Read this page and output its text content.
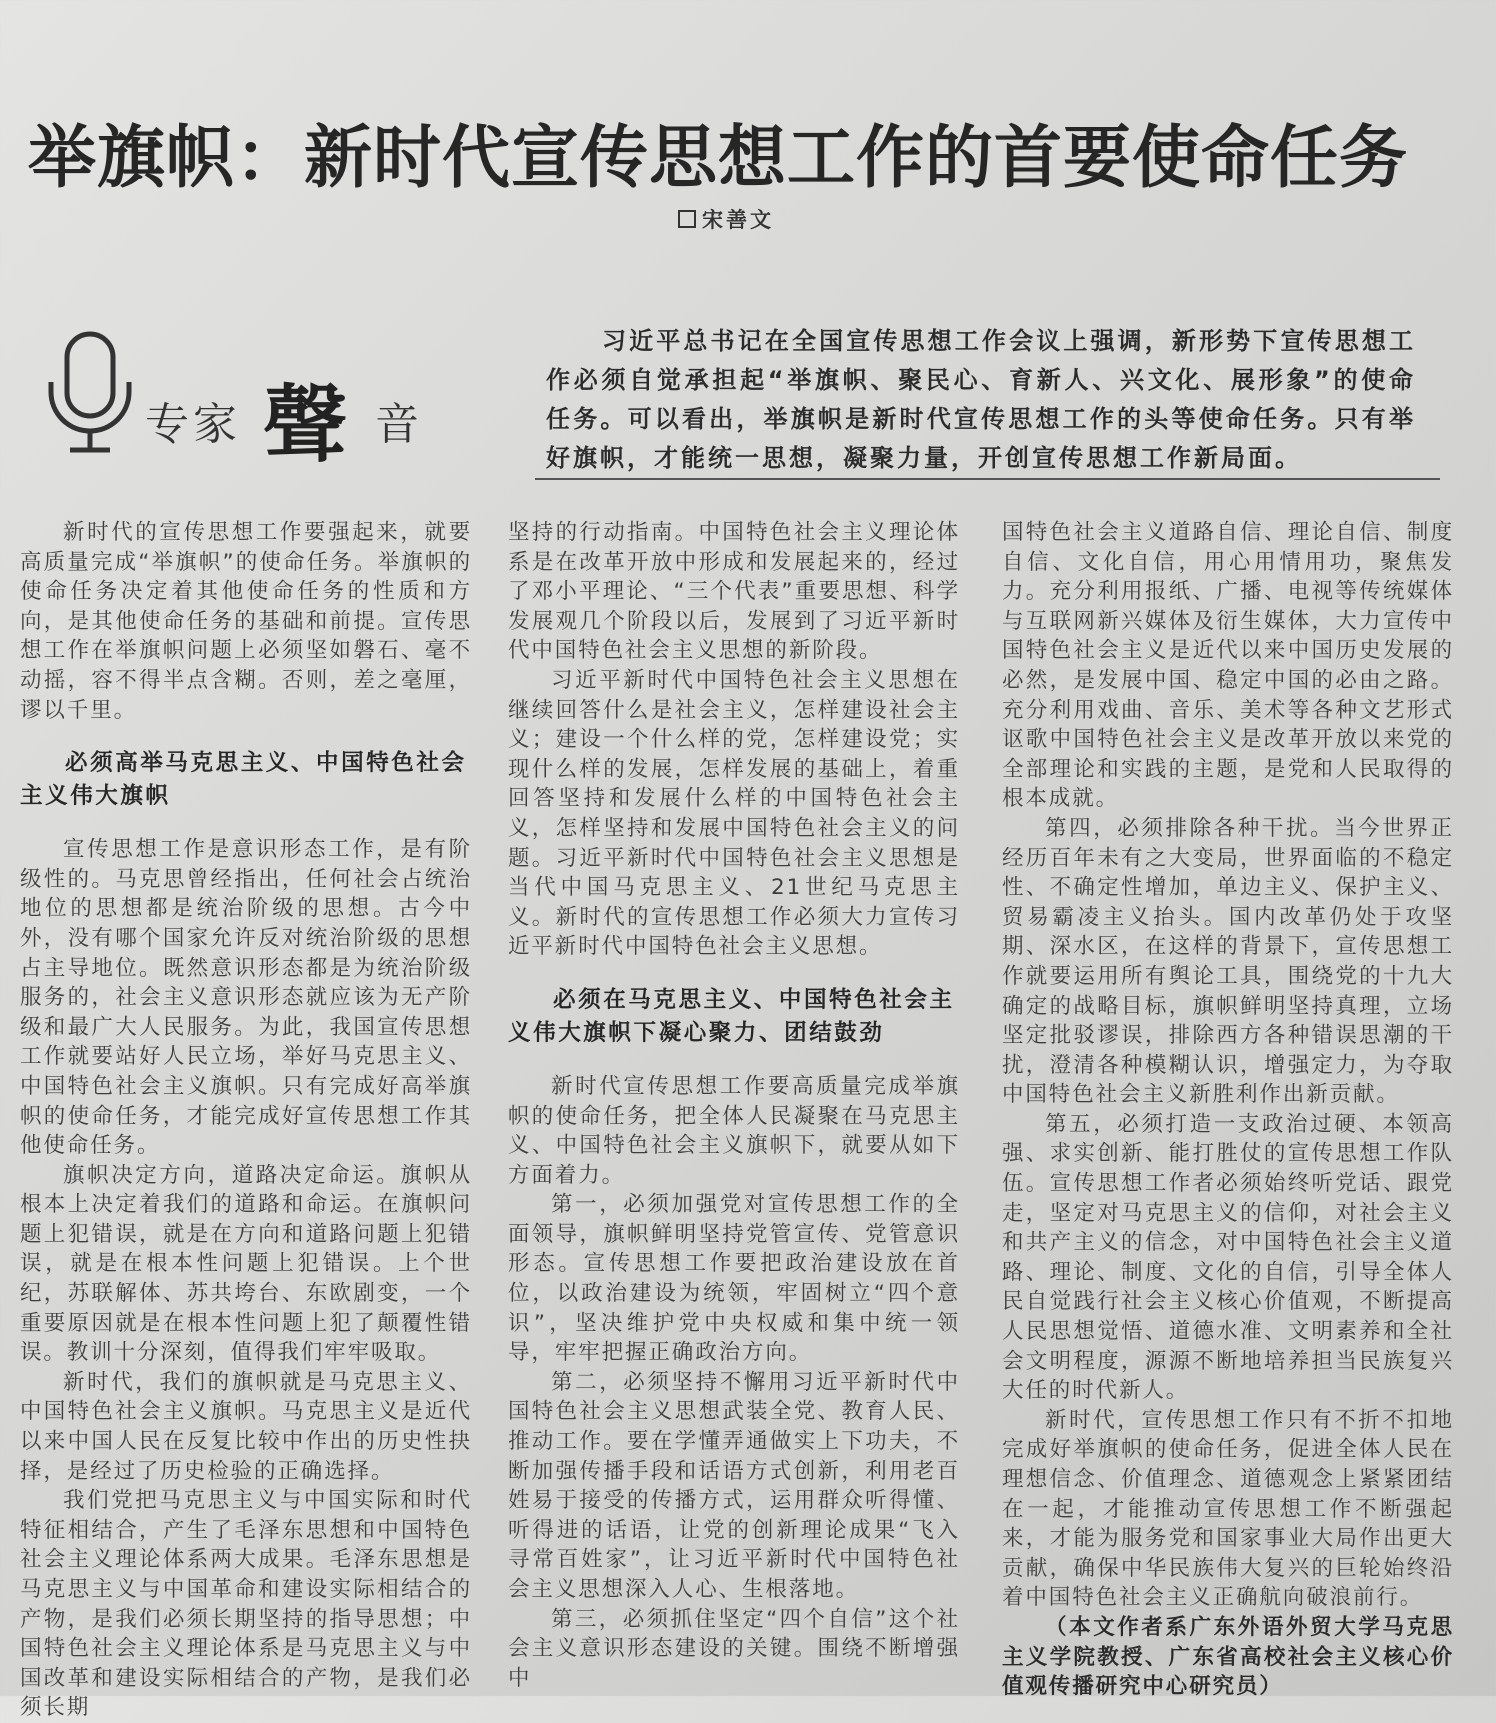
举旗帜：新时代宣传思想工作的首要使命任务
宋善文
专家 聲 音
习近平总书记在全国宣传思想工作会议上强调，新形势下宣传思想工作必须自觉承担起“举旗帜、聚民心、育新人、兴文化、展形象”的使命任务。可以看出，举旗帜是新时代宣传思想工作的头等使命任务。只有举好旗帜，才能统一思想，凝聚力量，开创宣传思想工作新局面。

新时代的宣传思想工作要强起来，就要高质量完成“举旗帜”的使命任务。举旗帜的使命任务决定着其他使命任务的性质和方向，是其他使命任务的基础和前提。宣传思想工作在举旗帜问题上必须坚如磐石、毫不动摇，容不得半点含糊。否则，差之毫厘，谬以千里。

必须高举马克思主义、中国特色社会主义伟大旗帜

宣传思想工作是意识形态工作，是有阶级性的。马克思曾经指出，任何社会占统治地位的思想都是统治阶级的思想。古今中外，没有哪个国家允许反对统治阶级的思想占主导地位。既然意识形态都是为统治阶级服务的，社会主义意识形态就应该为无产阶级和最广大人民服务。为此，我国宣传思想工作就要站好人民立场，举好马克思主义、中国特色社会主义旗帜。只有完成好高举旗帜的使命任务，才能完成好宣传思想工作其他使命任务。

旗帜决定方向，道路决定命运。旗帜从根本上决定着我们的道路和命运。在旗帜问题上犯错误，就是在方向和道路问题上犯错误，就是在根本性问题上犯错误。上个世纪，苏联解体、苏共垮台、东欧剧变，一个重要原因就是在根本性问题上犯了颠覆性错误。教训十分深刻，值得我们牢牢吸取。

新时代，我们的旗帜就是马克思主义、中国特色社会主义旗帜。马克思主义是近代以来中国人民在反复比较中作出的历史性抉择，是经过了历史检验的正确选择。

我们党把马克思主义与中国实际和时代特征相结合，产生了毛泽东思想和中国特色社会主义理论体系两大成果。毛泽东思想是马克思主义与中国革命和建设实际相结合的产物，是我们必须长期坚持的指导思想；中国特色社会主义理论体系是马克思主义与中国改革和建设实际相结合的产物，是我们必须长期

坚持的行动指南。中国特色社会主义理论体系是在改革开放中形成和发展起来的，经过了邓小平理论、“三个代表”重要思想、科学发展观几个阶段以后，发展到了习近平新时代中国特色社会主义思想的新阶段。

习近平新时代中国特色社会主义思想在继续回答什么是社会主义，怎样建设社会主义；建设一个什么样的党，怎样建设党；实现什么样的发展，怎样发展的基础上，着重回答坚持和发展什么样的中国特色社会主义，怎样坚持和发展中国特色社会主义的问题。习近平新时代中国特色社会主义思想是当代中国马克思主义、21世纪马克思主义。新时代的宣传思想工作必须大力宣传习近平新时代中国特色社会主义思想。

必须在马克思主义、中国特色社会主义伟大旗帜下凝心聚力、团结鼓劲

新时代宣传思想工作要高质量完成举旗帜的使命任务，把全体人民凝聚在马克思主义、中国特色社会主义旗帜下，就要从如下方面着力。

第一，必须加强党对宣传思想工作的全面领导，旗帜鲜明坚持党管宣传、党管意识形态。宣传思想工作要把政治建设放在首位，以政治建设为统领，牢固树立“四个意识”，坚决维护党中央权威和集中统一领导，牢牢把握正确政治方向。

第二，必须坚持不懈用习近平新时代中国特色社会主义思想武装全党、教育人民、推动工作。要在学懂弄通做实上下功夫，不断加强传播手段和话语方式创新，利用老百姓易于接受的传播方式，运用群众听得懂、听得进的话语，让党的创新理论成果“飞入寻常百姓家”，让习近平新时代中国特色社会主义思想深入人心、生根落地。

第三，必须抓住坚定“四个自信”这个社会主义意识形态建设的关键。围绕不断增强中

国特色社会主义道路自信、理论自信、制度自信、文化自信，用心用情用功，聚焦发力。充分利用报纸、广播、电视等传统媒体与互联网新兴媒体及衍生媒体，大力宣传中国特色社会主义是近代以来中国历史发展的必然，是发展中国、稳定中国的必由之路。充分利用戏曲、音乐、美术等各种文艺形式讴歌中国特色社会主义是改革开放以来党的全部理论和实践的主题，是党和人民取得的根本成就。

第四，必须排除各种干扰。当今世界正经历百年未有之大变局，世界面临的不稳定性、不确定性增加，单边主义、保护主义、贸易霸凌主义抬头。国内改革仍处于攻坚期、深水区，在这样的背景下，宣传思想工作就要运用所有舆论工具，围绕党的十九大确定的战略目标，旗帜鲜明坚持真理，立场坚定批驳谬误，排除西方各种错误思潮的干扰，澄清各种模糊认识，增强定力，为夺取中国特色社会主义新胜利作出新贡献。

第五，必须打造一支政治过硬、本领高强、求实创新、能打胜仗的宣传思想工作队伍。宣传思想工作者必须始终听党话、跟党走，坚定对马克思主义的信仰，对社会主义和共产主义的信念，对中国特色社会主义道路、理论、制度、文化的自信，引导全体人民自觉践行社会主义核心价值观，不断提高人民思想觉悟、道德水准、文明素养和全社会文明程度，源源不断地培养担当民族复兴大任的时代新人。

新时代，宣传思想工作只有不折不扣地完成好举旗帜的使命任务，促进全体人民在理想信念、价值理念、道德观念上紧紧团结在一起，才能推动宣传思想工作不断强起来，才能为服务党和国家事业大局作出更大贡献，确保中华民族伟大复兴的巨轮始终沿着中国特色社会主义正确航向破浪前行。

（本文作者系广东外语外贸大学马克思主义学院教授、广东省高校社会主义核心价值观传播研究中心研究员）
